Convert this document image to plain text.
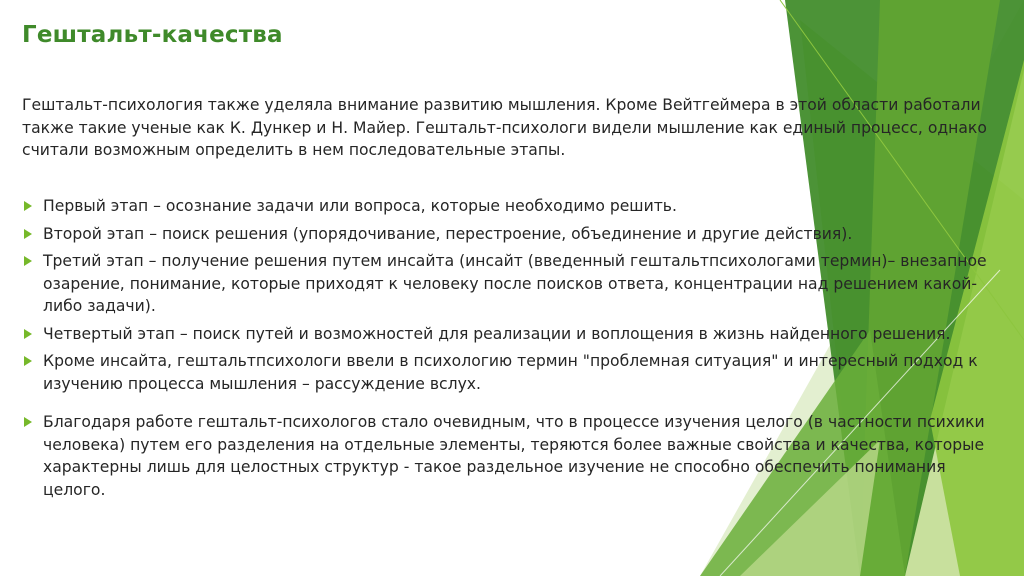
Гештальт-качества

Гештальт-психология также уделяла внимание развитию мышления. Кроме Вейтгеймера в этой области работали также такие ученые как К. Дункер и Н. Майер. Гештальт-психологи видели мышление как единый процесс, однако считали возможным определить в нем последовательные этапы.

Первый этап – осознание задачи или вопроса, которые необходимо решить.
Второй этап – поиск решения (упорядочивание, перестроение, объединение и другие действия).
Третий этап – получение решения путем инсайта (инсайт (введенный гештальтпсихологами термин)– внезапное озарение, понимание, которые приходят к человеку после поисков ответа, концентрации над решением какой-либо задачи).
Четвертый этап – поиск путей и возможностей для реализации и воплощения в жизнь найденного решения.
Кроме инсайта, гештальтпсихологи ввели в психологию термин "проблемная ситуация" и интересный подход к изучению процесса мышления – рассуждение вслух.
Благодаря работе гештальт-психологов стало очевидным, что в процессе изучения целого (в частности психики человека) путем его разделения на отдельные элементы, теряются более важные свойства и качества, которые характерны лишь для целостных структур - такое раздельное изучение не способно обеспечить понимания целого.
